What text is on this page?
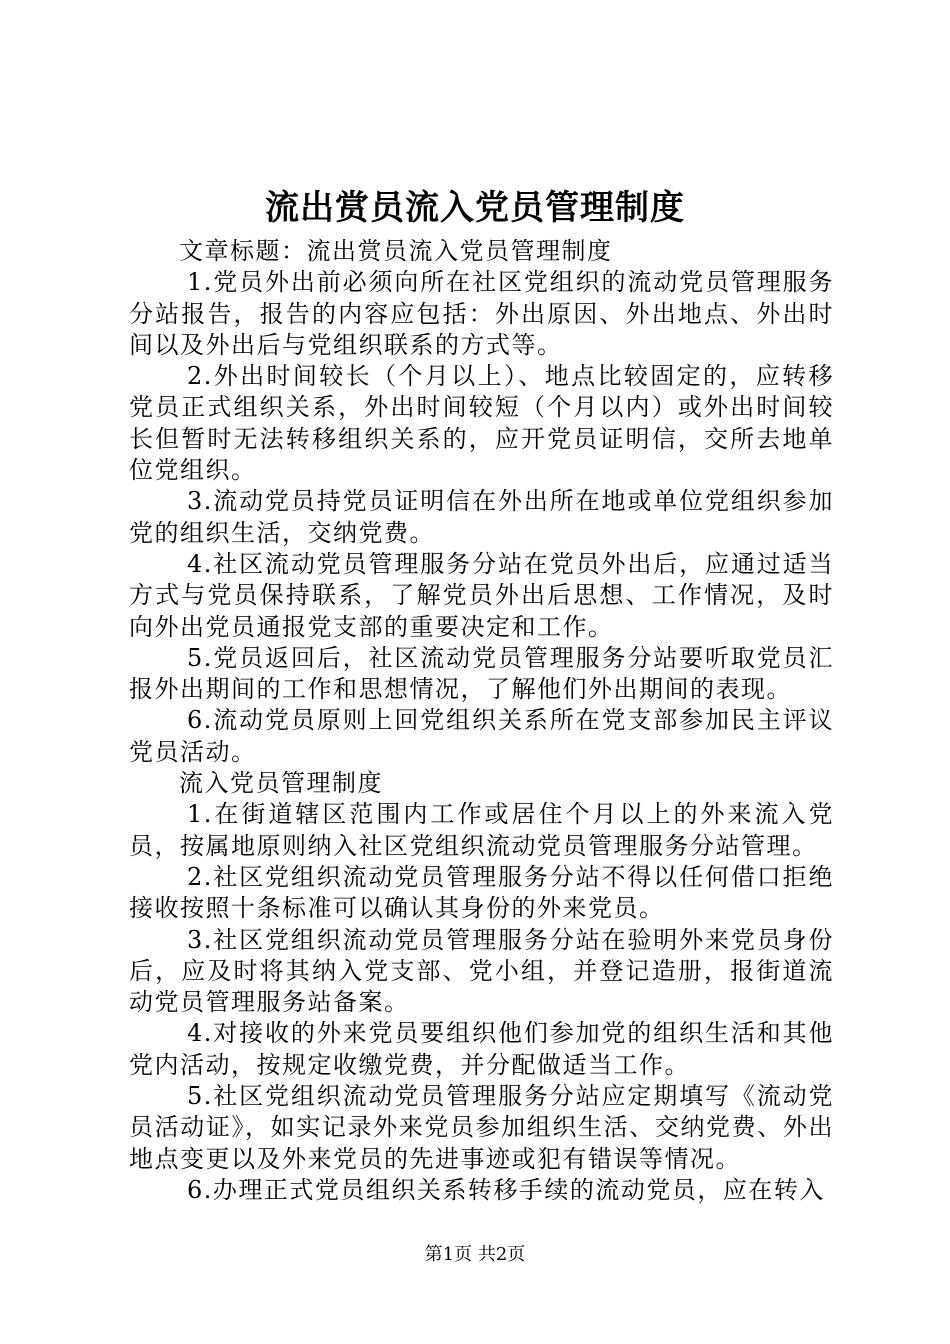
流出赏员流入党员管理制度

文章标题：流出赏员流入党员管理制度

1.党员外出前必须向所在社区党组织的流动党员管理服务分站报告，报告的内容应包括：外出原因、外出地点、外出时间以及外出后与党组织联系的方式等。

2.外出时间较长（个月以上）、地点比较固定的，应转移党员正式组织关系，外出时间较短（个月以内）或外出时间较长但暂时无法转移组织关系的，应开党员证明信，交所去地单位党组织。

3.流动党员持党员证明信在外出所在地或单位党组织参加党的组织生活，交纳党费。

4.社区流动党员管理服务分站在党员外出后，应通过适当方式与党员保持联系，了解党员外出后思想、工作情况，及时向外出党员通报党支部的重要决定和工作。

5.党员返回后，社区流动党员管理服务分站要听取党员汇报外出期间的工作和思想情况，了解他们外出期间的表现。

6.流动党员原则上回党组织关系所在党支部参加民主评议党员活动。

流入党员管理制度

1.在街道辖区范围内工作或居住个月以上的外来流入党员，按属地原则纳入社区党组织流动党员管理服务分站管理。

2.社区党组织流动党员管理服务分站不得以任何借口拒绝接收按照十条标准可以确认其身份的外来党员。

3.社区党组织流动党员管理服务分站在验明外来党员身份后，应及时将其纳入党支部、党小组，并登记造册，报街道流动党员管理服务站备案。

4.对接收的外来党员要组织他们参加党的组织生活和其他党内活动，按规定收缴党费，并分配做适当工作。

5.社区党组织流动党员管理服务分站应定期填写《流动党员活动证》，如实记录外来党员参加组织生活、交纳党费、外出地点变更以及外来党员的先进事迹或犯有错误等情况。

6.办理正式党员组织关系转移手续的流动党员，应在转入

第1页 共2页
